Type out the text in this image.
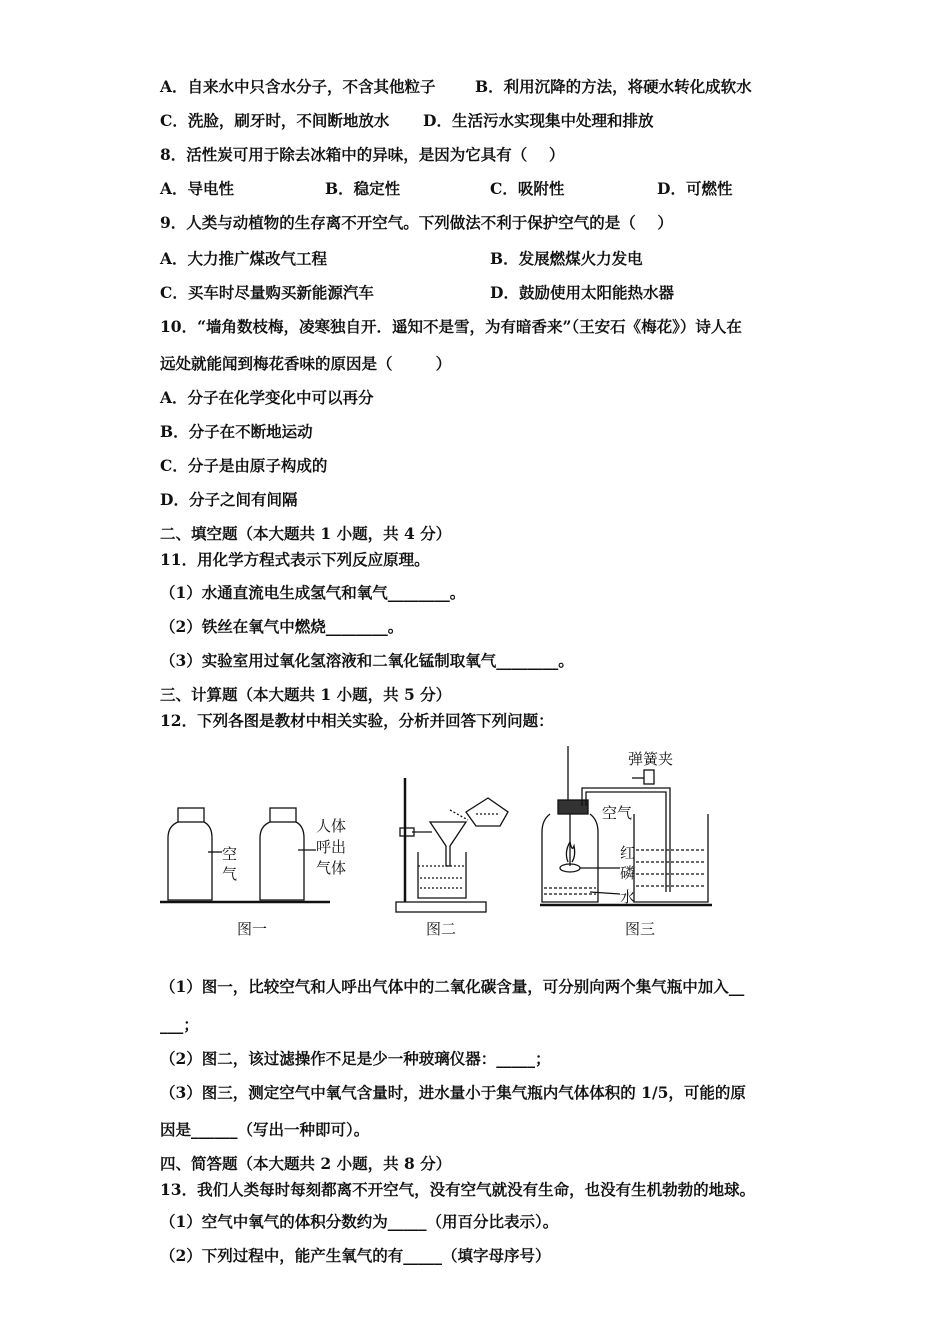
A．自来水中只含水分子，不含其他粒子	B．利用沉降的方法，将硬水转化成软水
C．洗脸，刷牙时，不间断地放水 D．生活污水实现集中处理和排放
8．活性炭可用于除去冰箱中的异味，是因为它具有（    ）
A．导电性	B．稳定性	C．吸附性	D．可燃性
9．人类与动植物的生存离不开空气。下列做法不利于保护空气的是（    ）
A．大力推广煤改气工程	B．发展燃煤火力发电
C．买车时尽量购买新能源汽车	D．鼓励使用太阳能热水器
10．“墙角数枝梅，凌寒独自开．遥知不是雪，为有暗香来”（王安石《梅花》）诗人在
远处就能闻到梅花香味的原因是（        ）
A．分子在化学变化中可以再分
B．分子在不断地运动
C．分子是由原子构成的
D．分子之间有间隔
二、填空题（本大题共 1 小题，共 4 分）
11．用化学方程式表示下列反应原理。
（1）水通直流电生成氢气和氧气________。
（2）铁丝在氧气中燃烧________。
（3）实验室用过氧化氢溶液和二氧化锰制取氧气________。
三、计算题（本大题共 1 小题，共 5 分）
12．下列各图是教材中相关实验，分析并回答下列问题：
空
气
人体
呼出
气体
弹簧夹
空气
红
磷
水
图一	图二	图三
（1）图一，比较空气和人呼出气体中的二氧化碳含量，可分别向两个集气瓶中加入__
___；
（2）图二，该过滤操作不足是少一种玻璃仪器：_____；
（3）图三，测定空气中氧气含量时，进水量小于集气瓶内气体体积的 1/5，可能的原
因是______（写出一种即可）。
四、简答题（本大题共 2 小题，共 8 分）
13．我们人类每时每刻都离不开空气，没有空气就没有生命，也没有生机勃勃的地球。
（1）空气中氧气的体积分数约为_____（用百分比表示）。
（2）下列过程中，能产生氧气的有_____（填字母序号）
